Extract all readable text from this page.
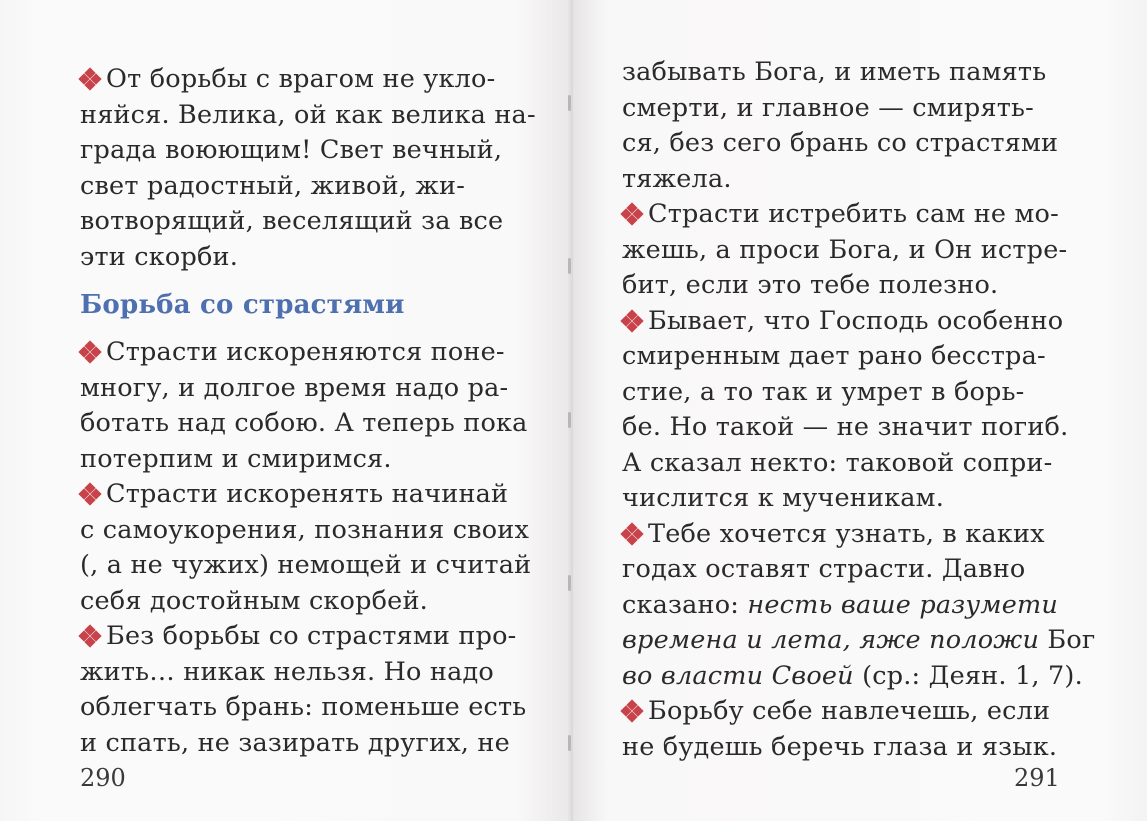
От борьбы с врагом не укло-
няйся. Велика, ой как велика на-
града воюющим! Свет вечный,
свет радостный, живой, жи-
вотворящий, веселящий за все
эти скорби.
Борьба со страстями
Страсти искореняются поне-
многу, и долгое время надо ра-
ботать над собою. А теперь пока
потерпим и смиримся.
Страсти искоренять начинай
с самоукорения, познания своих
(, а не чужих) немощей и считай
себя достойным скорбей.
Без борьбы со страстями про-
жить… никак нельзя. Но надо
облегчать брань: поменьше есть
и спать, не зазирать других, не
290
забывать Бога, и иметь память
смерти, и главное — смирять-
ся, без сего брань со страстями
тяжела.
Страсти истребить сам не мо-
жешь, а проси Бога, и Он истре-
бит, если это тебе полезно.
Бывает, что Господь особенно
смиренным дает рано бесстра-
стие, а то так и умрет в борь-
бе. Но такой — не значит погиб.
А сказал некто: таковой сопри-
числится к мученикам.
Тебе хочется узнать, в каких
годах оставят страсти. Давно
сказано: несть ваше разумети
времена и лета, яже положи Бог
во власти Своей (ср.: Деян. 1, 7).
Борьбу себе навлечешь, если
не будешь беречь глаза и язык.
291
